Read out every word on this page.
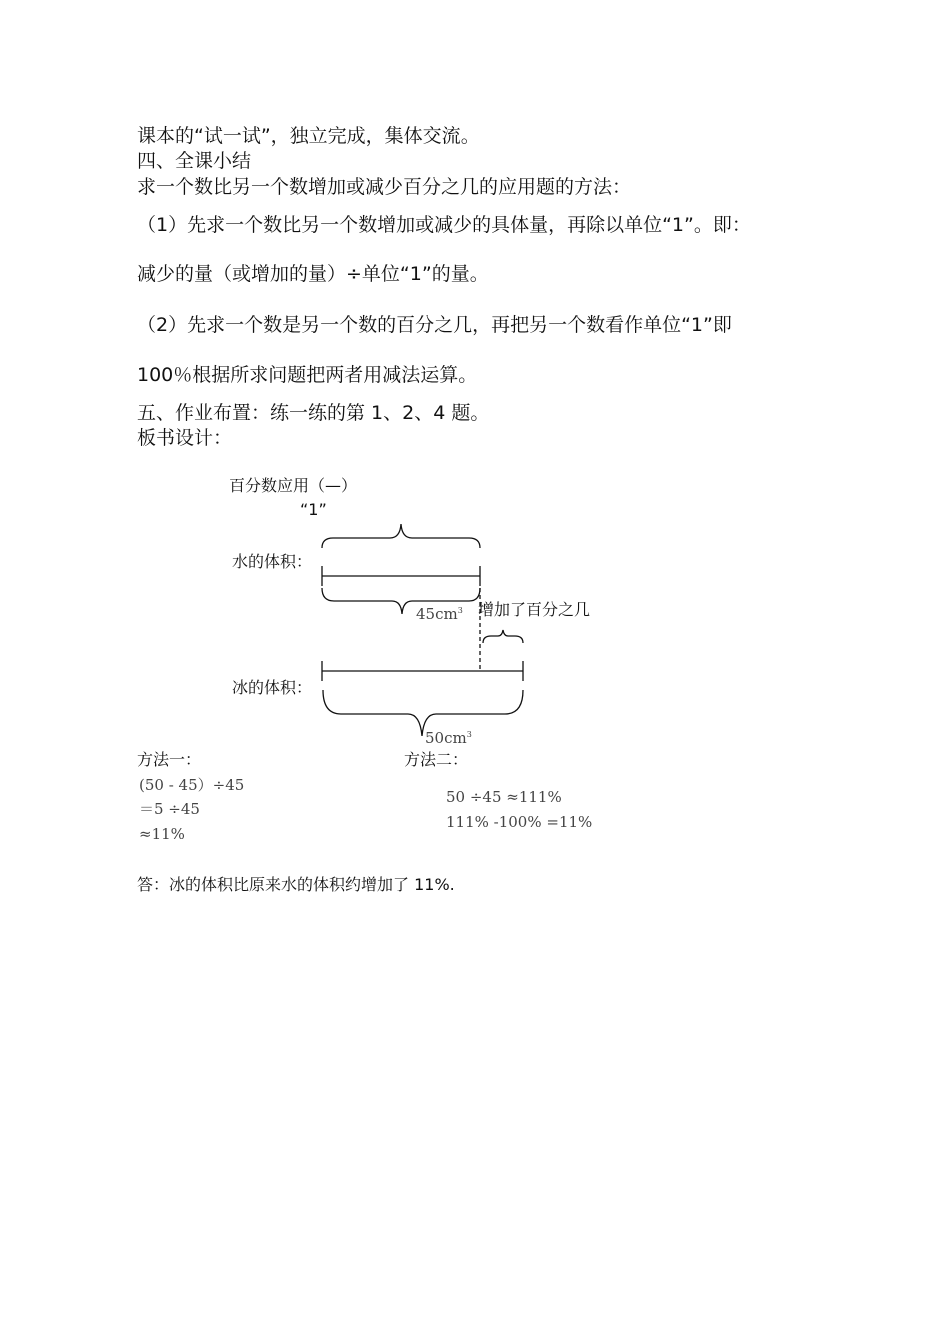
课本的“试一试”，独立完成，集体交流。
四、全课小结
求一个数比另一个数增加或减少百分之几的应用题的方法：
（1）先求一个数比另一个数增加或减少的具体量，再除以单位“1”。即：
减少的量（或增加的量）÷单位“1”的量。
（2）先求一个数是另一个数的百分之几，再把另一个数看作单位“1”即
100％根据所求问题把两者用减法运算。
五、作业布置：练一练的第 1、2、4 题。
板书设计：
百分数应用（—）
“1”
水的体积：
$45cm^3$ 增加了百分之几
冰的体积：
$50cm^3$
方法一：
(50 - 45）÷45
＝5 ÷45
≈11%
方法二：
50 ÷45 ≈111%
111% -100% =11%
答：冰的体积比原来水的体积约增加了 11%.
